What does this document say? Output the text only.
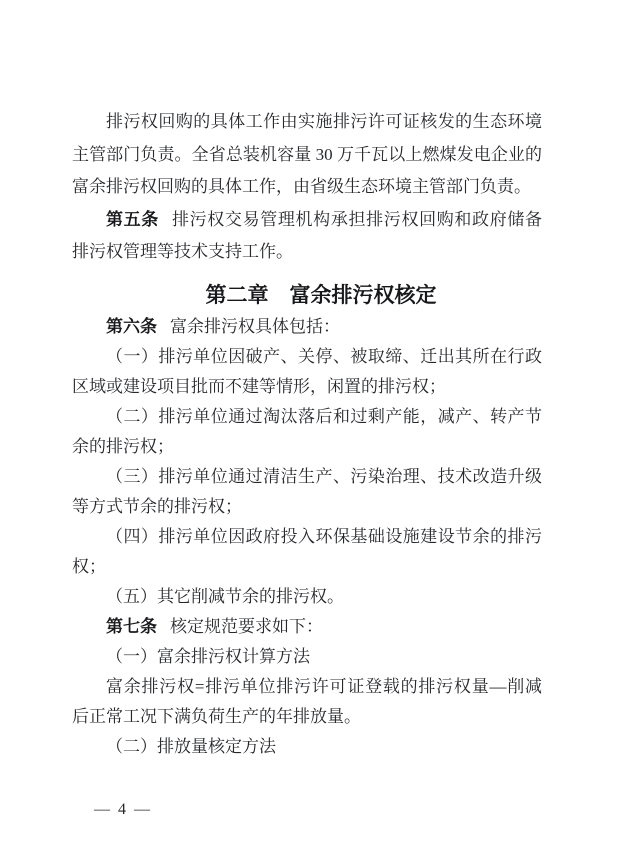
排污权回购的具体工作由实施排污许可证核发的生态环境
主管部门负责。全省总装机容量 30 万千瓦以上燃煤发电企业的
富余排污权回购的具体工作，由省级生态环境主管部门负责。
第五条 排污权交易管理机构承担排污权回购和政府储备
排污权管理等技术支持工作。
第二章　富余排污权核定
第六条 富余排污权具体包括：
（一）排污单位因破产、关停、被取缔、迁出其所在行政
区域或建设项目批而不建等情形，闲置的排污权；
（二）排污单位通过淘汰落后和过剩产能，减产、转产节
余的排污权；
（三）排污单位通过清洁生产、污染治理、技术改造升级
等方式节余的排污权；
（四）排污单位因政府投入环保基础设施建设节余的排污
权；
（五）其它削减节余的排污权。
第七条 核定规范要求如下：
（一）富余排污权计算方法
富余排污权=排污单位排污许可证登载的排污权量—削减
后正常工况下满负荷生产的年排放量。
（二）排放量核定方法
— 4 —
